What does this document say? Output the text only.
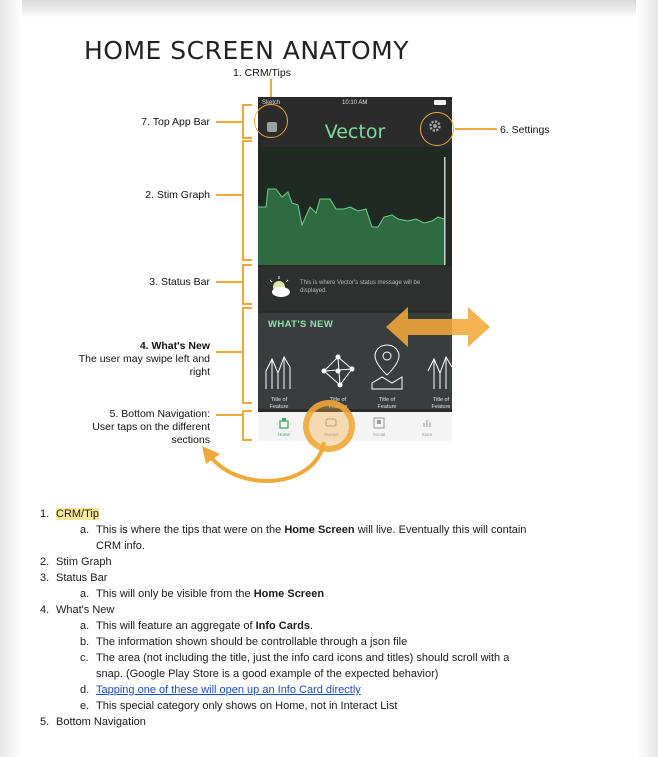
HOME SCREEN ANATOMY
1. CRM/Tips
7. Top App Bar
6. Settings
2. Stim Graph
3. Status Bar
4. What's New
The user may swipe left and
right
5. Bottom Navigation:
User taps on the different
sections
Sketch	10:10 AM
Vector
This is where Vector's status message will be displayed.
WHAT'S NEW
Title of Feature
Title of Feature
Title of Feature
Title of Feature
Home	Interact	Social	Store
1. CRM/Tip
a. This is where the tips that were on the Home Screen will live. Eventually this will contain
CRM info.
2. Stim Graph
3. Status Bar
a. This will only be visible from the Home Screen
4. What's New
a. This will feature an aggregate of Info Cards.
b. The information shown should be controllable through a json file
c. The area (not including the title, just the info card icons and titles) should scroll with a
snap. (Google Play Store is a good example of the expected behavior)
d. Tapping one of these will open up an Info Card directly
e. This special category only shows on Home, not in Interact List
5. Bottom Navigation
